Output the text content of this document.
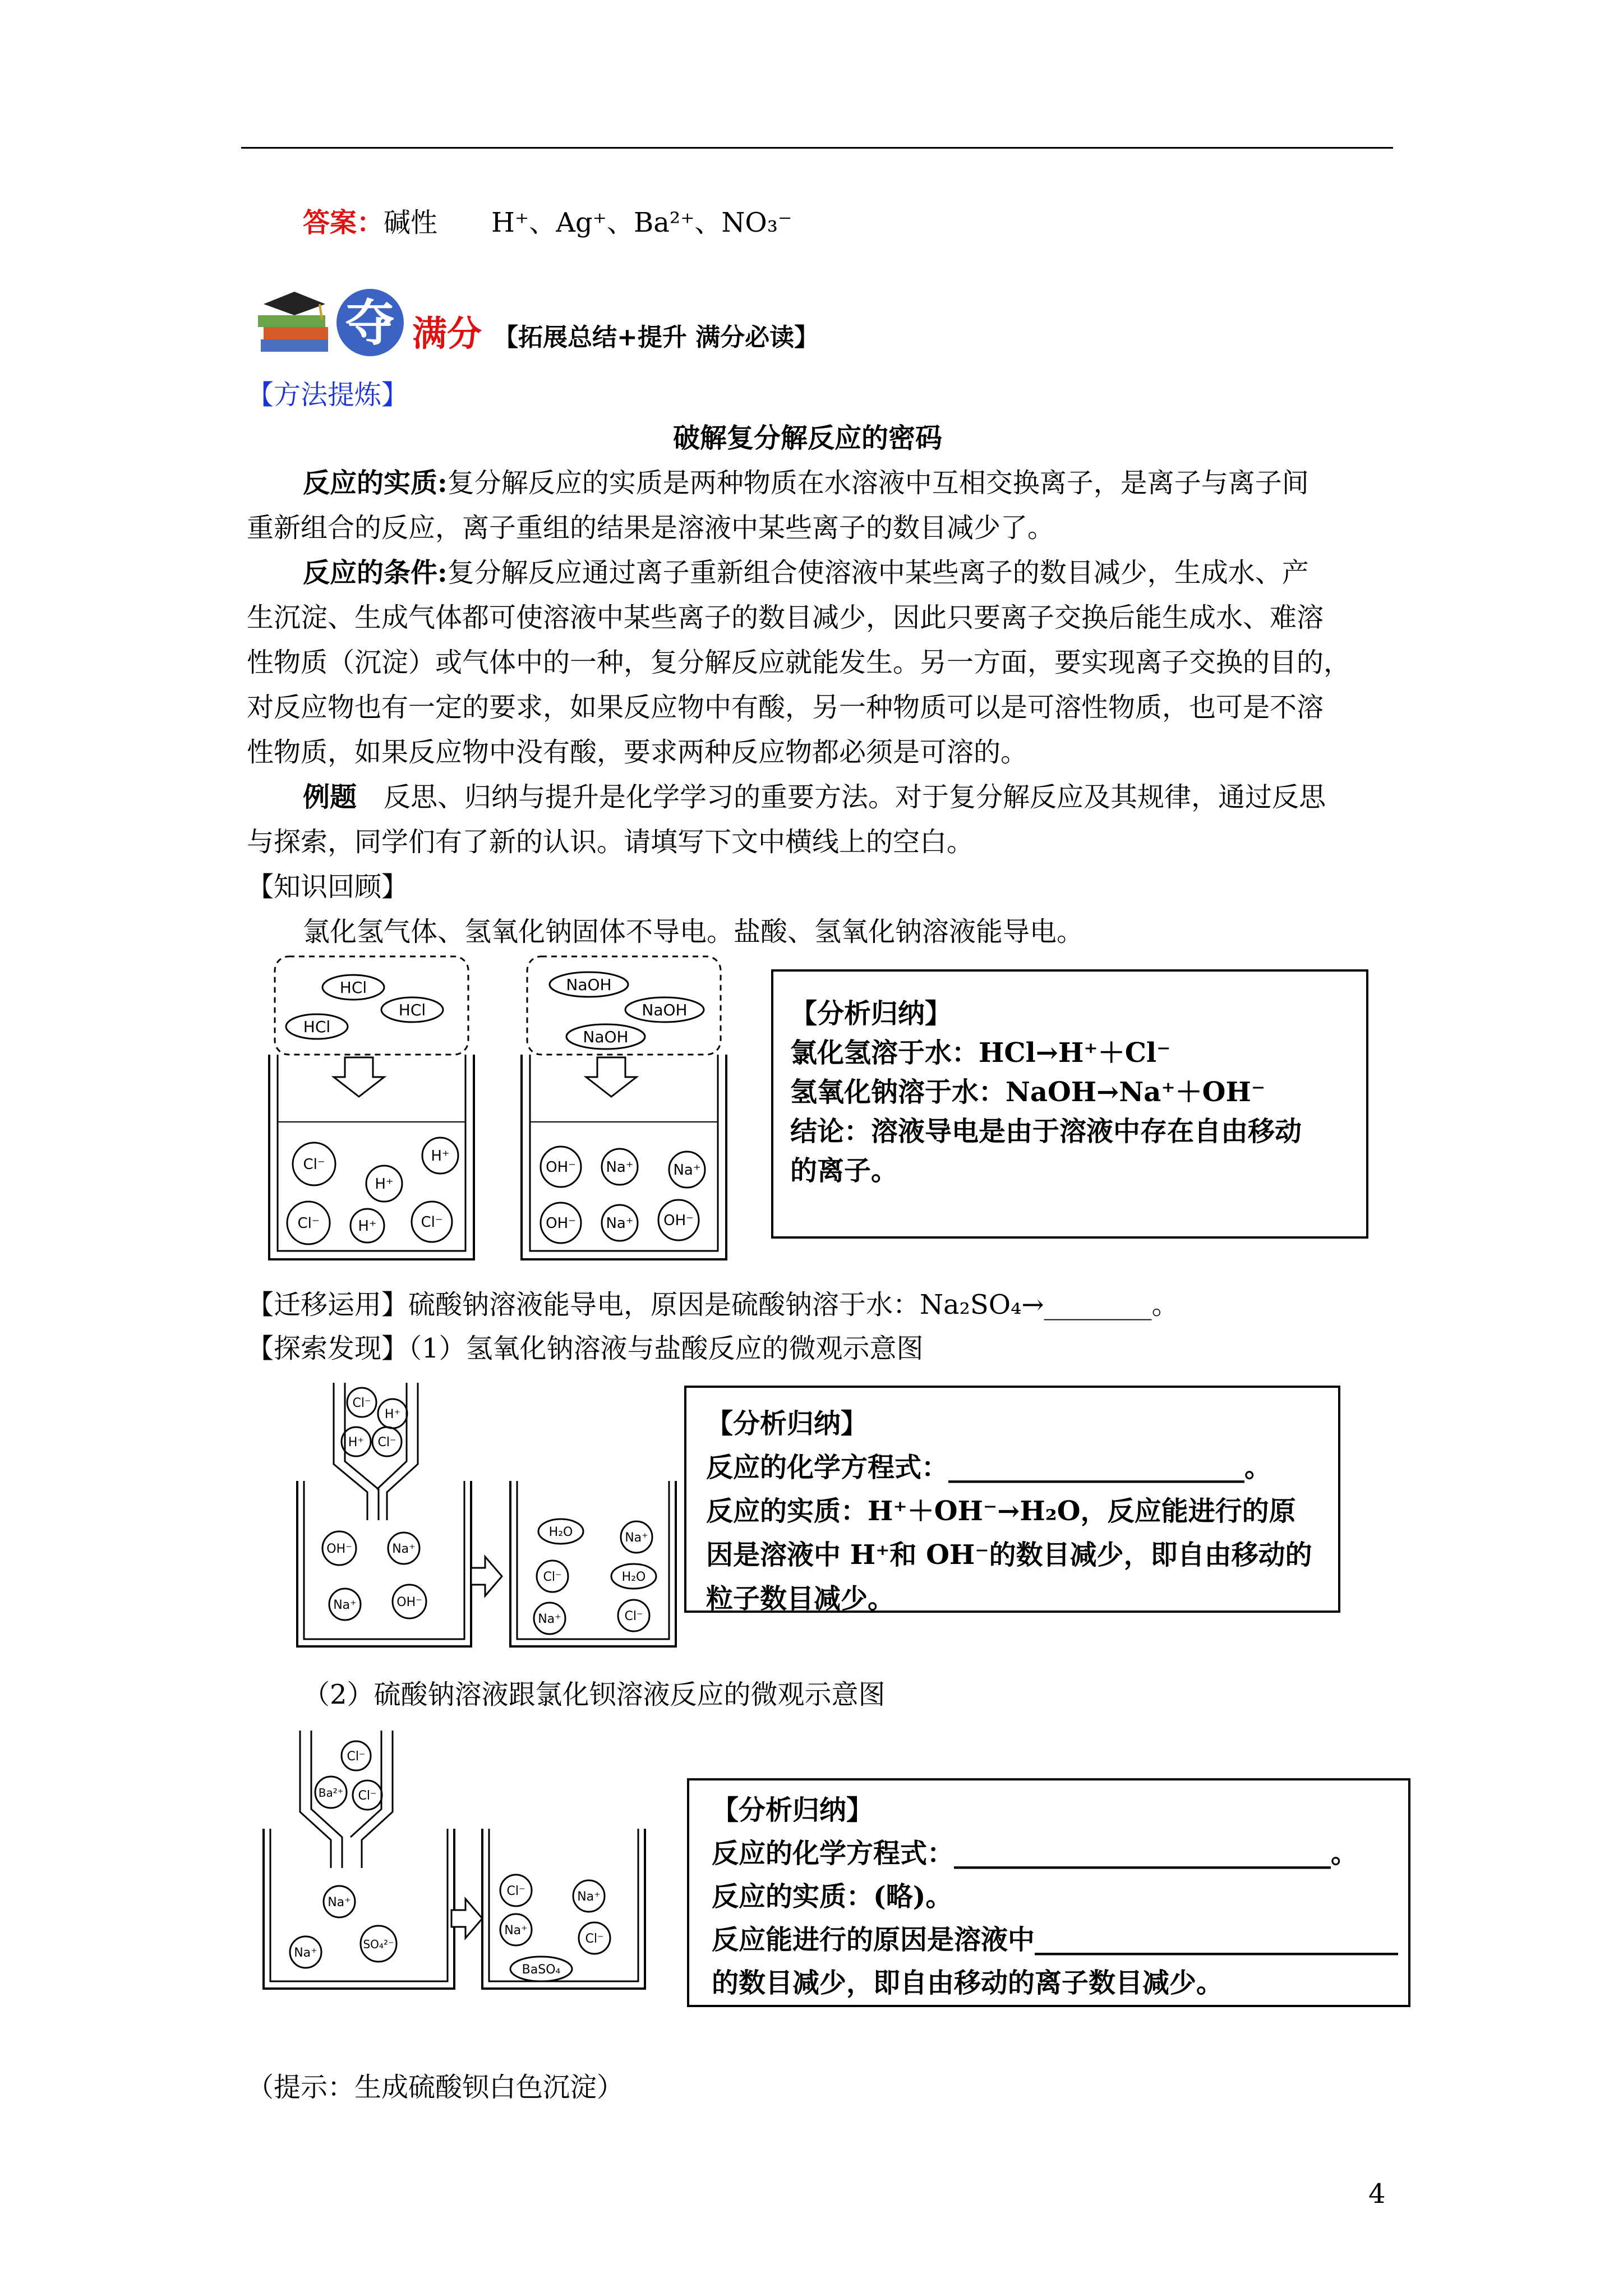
答案：碱性　　H⁺、Ag⁺、Ba²⁺、NO₃⁻
夺 满分 【拓展总结+提升 满分必读】
【方法提炼】
破解复分解反应的密码
反应的实质:复分解反应的实质是两种物质在水溶液中互相交换离子，是离子与离子间
重新组合的反应，离子重组的结果是溶液中某些离子的数目减少了。
反应的条件:复分解反应通过离子重新组合使溶液中某些离子的数目减少，生成水、产
生沉淀、生成气体都可使溶液中某些离子的数目减少，因此只要离子交换后能生成水、难溶
性物质（沉淀）或气体中的一种，复分解反应就能发生。另一方面，要实现离子交换的目的，
对反应物也有一定的要求，如果反应物中有酸，另一种物质可以是可溶性物质，也可是不溶
性物质，如果反应物中没有酸，要求两种反应物都必须是可溶的。
例题　 反思、归纳与提升是化学学习的重要方法。对于复分解反应及其规律，通过反思
与探索，同学们有了新的认识。请填写下文中横线上的空白。
【知识回顾】
氯化氢气体、氢氧化钠固体不导电。盐酸、氢氧化钠溶液能导电。
HCl
HCl
HCl
Cl⁻
H⁺
H⁺
Cl⁻	H⁺	Cl⁻
NaOH
NaOH
NaOH
OH⁻ Na⁺	Na⁺
OH⁻ Na⁺ OH⁻
【分析归纳】
氯化氢溶于水：HCl→H⁺＋Cl⁻
氢氧化钠溶于水：NaOH→Na⁺＋OH⁻
结论：溶液导电是由于溶液中存在自由移动
的离子。
【迁移运用】硫酸钠溶液能导电，原因是硫酸钠溶于水：Na₂SO₄→________。
【探索发现】（1）氢氧化钠溶液与盐酸反应的微观示意图
Cl⁻
H⁺
H⁺ Cl⁻
OH⁻	Na⁺
Na⁺	OH⁻
H₂O	Na⁺
Cl⁻	H₂O
Na⁺	Cl⁻
【分析归纳】
反应的化学方程式：______________________。
反应的实质：H⁺＋OH⁻→H₂O，反应能进行的原
因是溶液中 H⁺和 OH⁻的数目减少，即自由移动的
粒子数目减少。
（2）硫酸钠溶液跟氯化钡溶液反应的微观示意图
Cl⁻
Ba²⁺ Cl⁻
Na⁺
Na⁺
SO₄²⁻
Cl⁻	Na⁺
Na⁺
Cl⁻
BaSO₄
【分析归纳】
反应的化学方程式：____________________________。
反应的实质：(略)。
反应能进行的原因是溶液中___________________________
的数目减少，即自由移动的离子数目减少。
（提示：生成硫酸钡白色沉淀）
4
